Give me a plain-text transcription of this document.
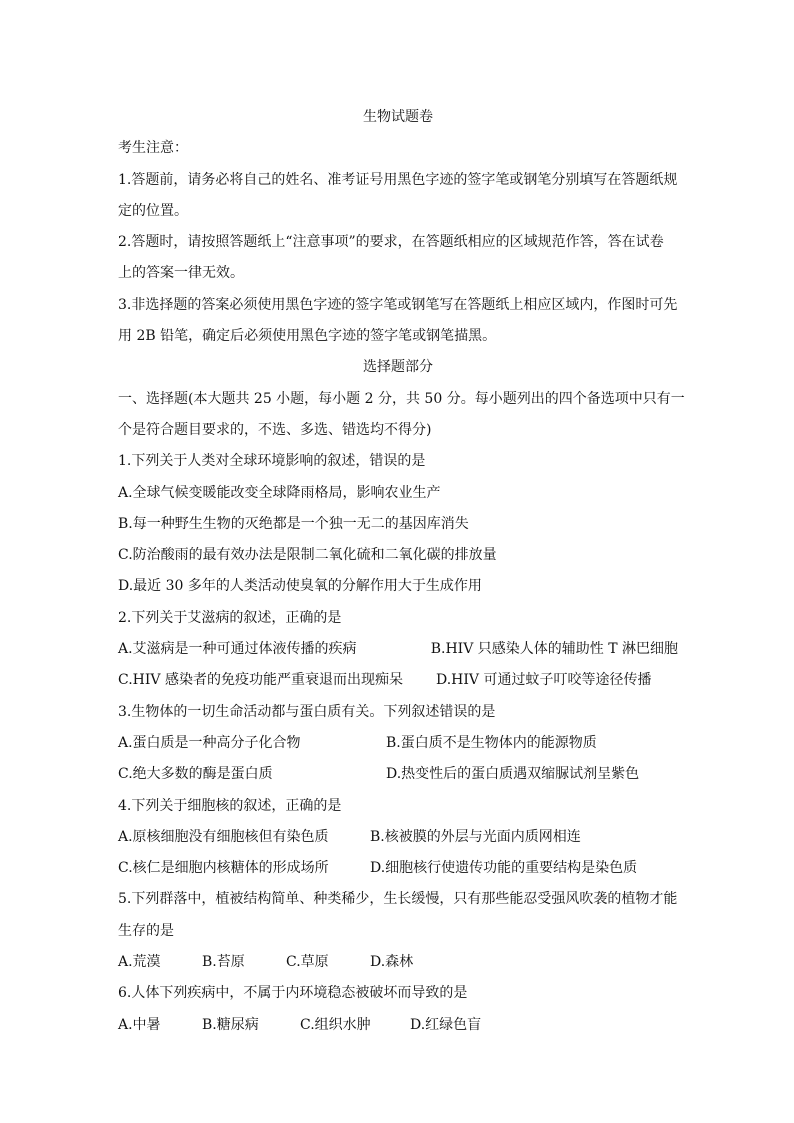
生物试题卷
考生注意：
1.答题前，请务必将自己的姓名、准考证号用黑色字迹的签字笔或钢笔分别填写在答题纸规
定的位置。
2.答题时，请按照答题纸上“注意事项”的要求，在答题纸相应的区域规范作答，答在试卷
上的答案一律无效。
3.非选择题的答案必须使用黑色字迹的签字笔或钢笔写在答题纸上相应区域内，作图时可先
用 2B 铅笔，确定后必须使用黑色字迹的签字笔或钢笔描黑。
选择题部分
一、选择题(本大题共 25 小题，每小题 2 分，共 50 分。每小题列出的四个备选项中只有一
个是符合题目要求的，不选、多选、错选均不得分)
1.下列关于人类对全球环境影响的叙述，错误的是
A.全球气候变暖能改变全球降雨格局，影响农业生产
B.每一种野生生物的灭绝都是一个独一无二的基因库消失
C.防治酸雨的最有效办法是限制二氧化硫和二氧化碳的排放量
D.最近 30 多年的人类活动使臭氧的分解作用大于生成作用
2.下列关于艾滋病的叙述，正确的是
A.艾滋病是一种可通过体液传播的疾病	B.HIV 只感染人体的辅助性 T 淋巴细胞
C.HIV 感染者的免疫功能严重衰退而出现痴呆	D.HIV 可通过蚊子叮咬等途径传播
3.生物体的一切生命活动都与蛋白质有关。下列叙述错误的是
A.蛋白质是一种高分子化合物	B.蛋白质不是生物体内的能源物质
C.绝大多数的酶是蛋白质	D.热变性后的蛋白质遇双缩脲试剂呈紫色
4.下列关于细胞核的叙述，正确的是
A.原核细胞没有细胞核但有染色质	B.核被膜的外层与光面内质网相连
C.核仁是细胞内核糖体的形成场所	D.细胞核行使遗传功能的重要结构是染色质
5.下列群落中，植被结构简单、种类稀少，生长缓慢，只有那些能忍受强风吹袭的植物才能
生存的是
A.荒漠	B.苔原	C.草原	D.森林
6.人体下列疾病中，不属于内环境稳态被破坏而导致的是
A.中暑	B.糖尿病	C.组织水肿	D.红绿色盲
